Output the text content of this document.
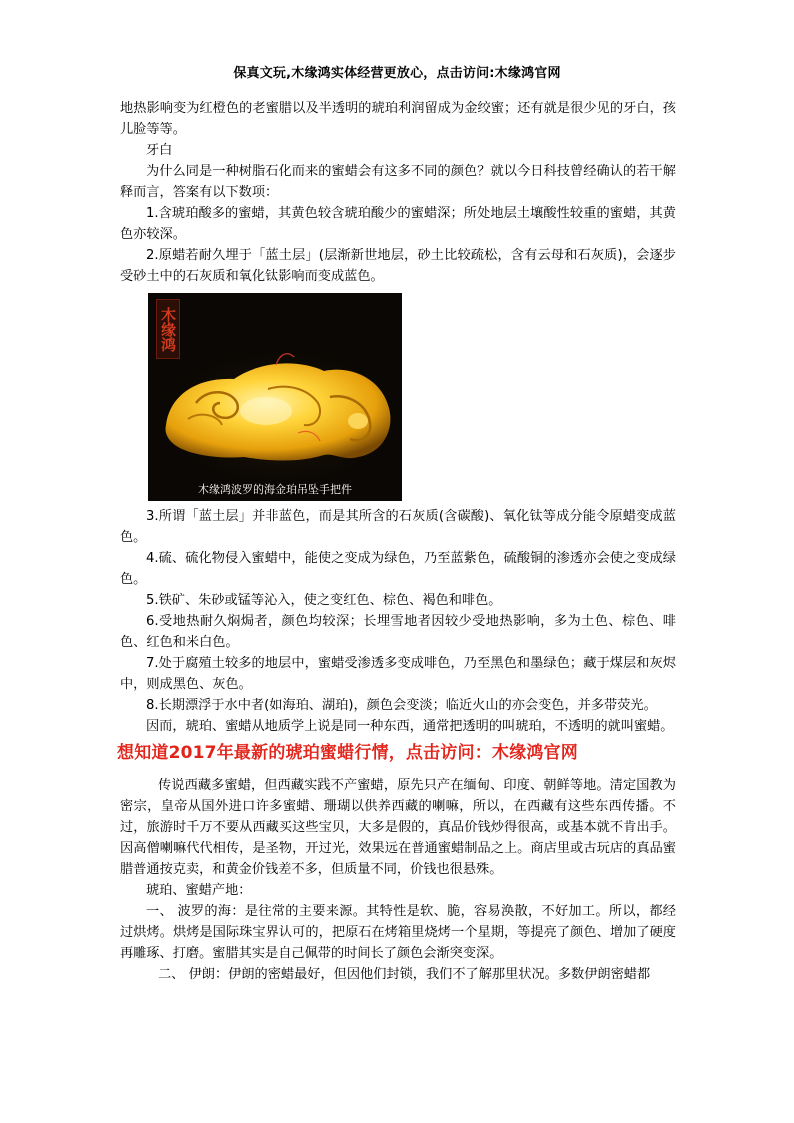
保真文玩,木缘鸿实体经营更放心，点击访问:木缘鸿官网

地热影响变为红橙色的老蜜腊以及半透明的琥珀利润留成为金绞蜜；还有就是很少见的牙白，孩儿脸等等。

牙白

为什么同是一种树脂石化而来的蜜蜡会有这多不同的颜色？就以今日科技曾经确认的若干解释而言，答案有以下数项：

1.含琥珀酸多的蜜蜡，其黄色较含琥珀酸少的蜜蜡深；所处地层土壤酸性较重的蜜蜡，其黄色亦较深。

2.原蜡若耐久埋于「蓝土层」(层渐新世地层，砂土比较疏松，含有云母和石灰质)，会逐步受砂土中的石灰质和氧化钛影响而变成蓝色。

木缘鸿
木缘鸿波罗的海金珀吊坠手把件

3.所谓「蓝土层」并非蓝色，而是其所含的石灰质(含碳酸)、氧化钛等成分能令原蜡变成蓝色。

4.硫、硫化物侵入蜜蜡中，能使之变成为绿色，乃至蓝紫色，硫酸铜的渗透亦会使之变成绿色。

5.铁矿、朱砂或锰等沁入，使之变红色、棕色、褐色和啡色。

6.受地热耐久焖焗者，颜色均较深；长埋雪地者因较少受地热影响，多为土色、棕色、啡色、红色和米白色。

7.处于腐殖土较多的地层中，蜜蜡受渗透多变成啡色，乃至黑色和墨绿色；藏于煤层和灰烬中，则成黑色、灰色。

8.长期漂浮于水中者(如海珀、湖珀)，颜色会变淡；临近火山的亦会变色，并多带荧光。

因而，琥珀、蜜蜡从地质学上说是同一种东西，通常把透明的叫琥珀，不透明的就叫蜜蜡。

想知道2017年最新的琥珀蜜蜡行情，点击访问：木缘鸿官网

传说西藏多蜜蜡，但西藏实践不产蜜蜡，原先只产在缅甸、印度、朝鲜等地。清定国教为密宗，皇帝从国外进口许多蜜蜡、珊瑚以供养西藏的喇嘛，所以，在西藏有这些东西传播。不过，旅游时千万不要从西藏买这些宝贝，大多是假的，真品价钱炒得很高，或基本就不肯出手。因高僧喇嘛代代相传，是圣物，开过光，效果远在普通蜜蜡制品之上。商店里或古玩店的真品蜜腊普通按克卖，和黄金价钱差不多，但质量不同，价钱也很悬殊。

琥珀、蜜蜡产地：

一、 波罗的海：是往常的主要来源。其特性是软、脆，容易涣散，不好加工。所以，都经过烘烤。烘烤是国际珠宝界认可的，把原石在烤箱里烧烤一个星期，等提亮了颜色、增加了硬度再雕琢、打磨。蜜腊其实是自己佩带的时间长了颜色会渐突变深。

二、 伊朗：伊朗的密蜡最好，但因他们封锁，我们不了解那里状况。多数伊朗密蜡都
